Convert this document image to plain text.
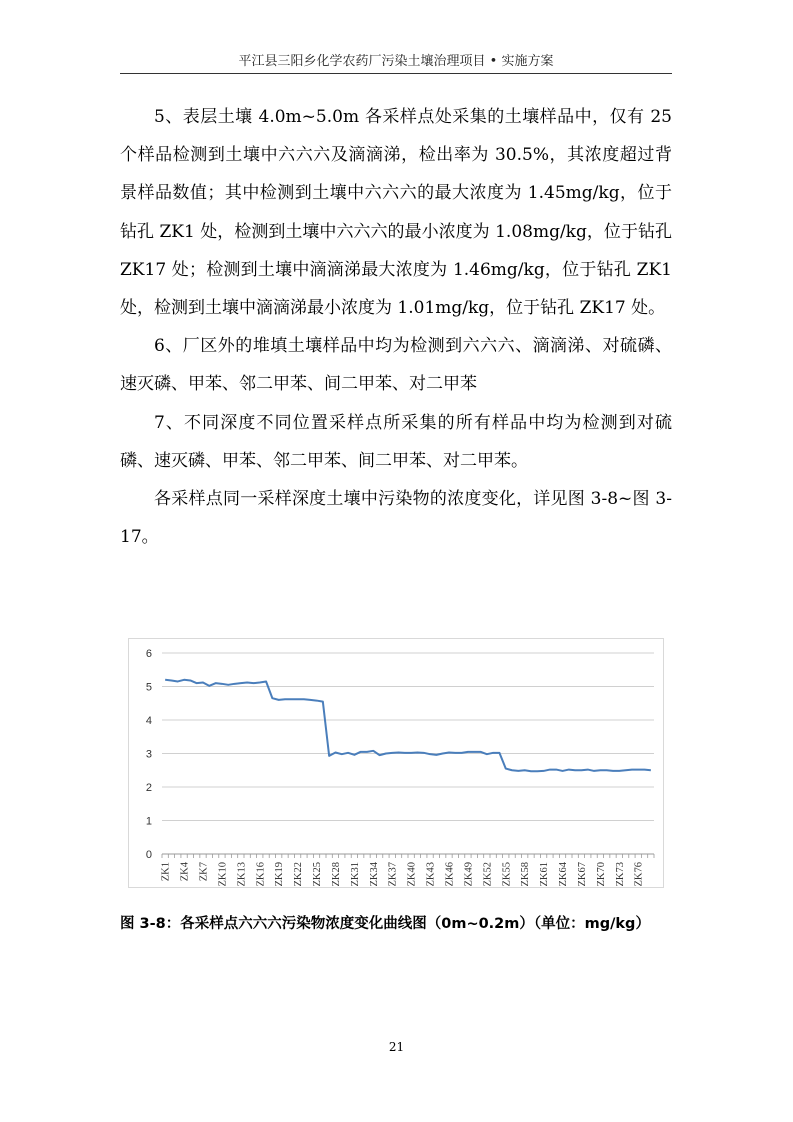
平江县三阳乡化学农药厂污染土壤治理项目 • 实施方案

5、表层土壤 4.0m~5.0m 各采样点处采集的土壤样品中，仅有 25 个样品检测到土壤中六六六及滴滴涕，检出率为 30.5%，其浓度超过背景样品数值；其中检测到土壤中六六六的最大浓度为 1.45mg/kg，位于钻孔 ZK1 处，检测到土壤中六六六的最小浓度为 1.08mg/kg，位于钻孔 ZK17 处；检测到土壤中滴滴涕最大浓度为 1.46mg/kg，位于钻孔 ZK1 处，检测到土壤中滴滴涕最小浓度为 1.01mg/kg，位于钻孔 ZK17 处。

6、厂区外的堆填土壤样品中均为检测到六六六、滴滴涕、对硫磷、速灭磷、甲苯、邻二甲苯、间二甲苯、对二甲苯

7、不同深度不同位置采样点所采集的所有样品中均为检测到对硫磷、速灭磷、甲苯、邻二甲苯、间二甲苯、对二甲苯。

各采样点同一采样深度土壤中污染物的浓度变化，详见图 3-8~图 3-17。

0
1
2
3
4
5
6
ZK1 ZK4 ZK7 ZK10 ZK13 ZK16 ZK19 ZK22 ZK25 ZK28 ZK31 ZK34 ZK37 ZK40 ZK43 ZK46 ZK49 ZK52 ZK55 ZK58 ZK61 ZK64 ZK67 ZK70 ZK73 ZK76
图 3-8：各采样点六六六污染物浓度变化曲线图（0m~0.2m）（单位：mg/kg）
21
